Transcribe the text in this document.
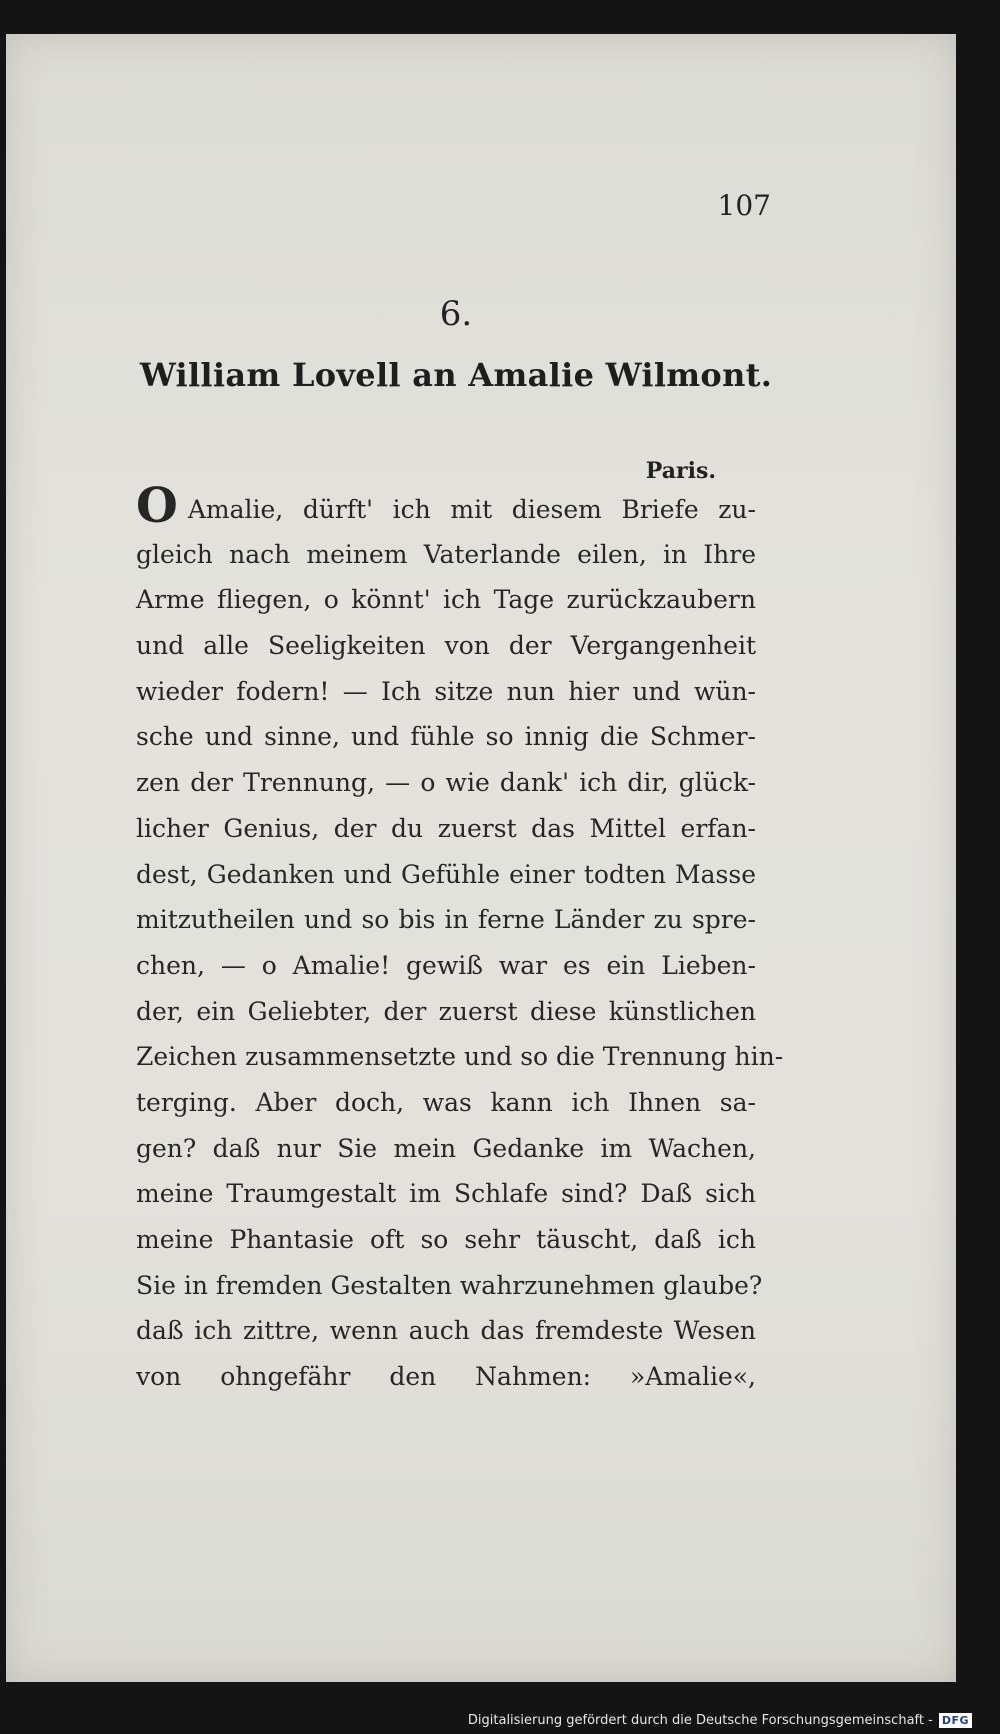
107
6.
William Lovell an Amalie Wilmont.
Paris.
O Amalie, dürft' ich mit diesem Briefe zu-
gleich nach meinem Vaterlande eilen, in Ihre
Arme fliegen, o könnt' ich Tage zurückzaubern
und alle Seeligkeiten von der Vergangenheit
wieder fodern! — Ich sitze nun hier und wün-
sche und sinne, und fühle so innig die Schmer-
zen der Trennung, — o wie dank' ich dir, glück-
licher Genius, der du zuerst das Mittel erfan-
dest, Gedanken und Gefühle einer todten Masse
mitzutheilen und so bis in ferne Länder zu spre-
chen, — o Amalie! gewiß war es ein Lieben-
der, ein Geliebter, der zuerst diese künstlichen
Zeichen zusammensetzte und so die Trennung hin-
terging. Aber doch, was kann ich Ihnen sa-
gen? daß nur Sie mein Gedanke im Wachen,
meine Traumgestalt im Schlafe sind? Daß sich
meine Phantasie oft so sehr täuscht, daß ich
Sie in fremden Gestalten wahrzunehmen glaube?
daß ich zittre, wenn auch das fremdeste Wesen
von ohngefähr den Nahmen: »Amalie«,
Digitalisierung gefördert durch die Deutsche Forschungsgemeinschaft - DFG
